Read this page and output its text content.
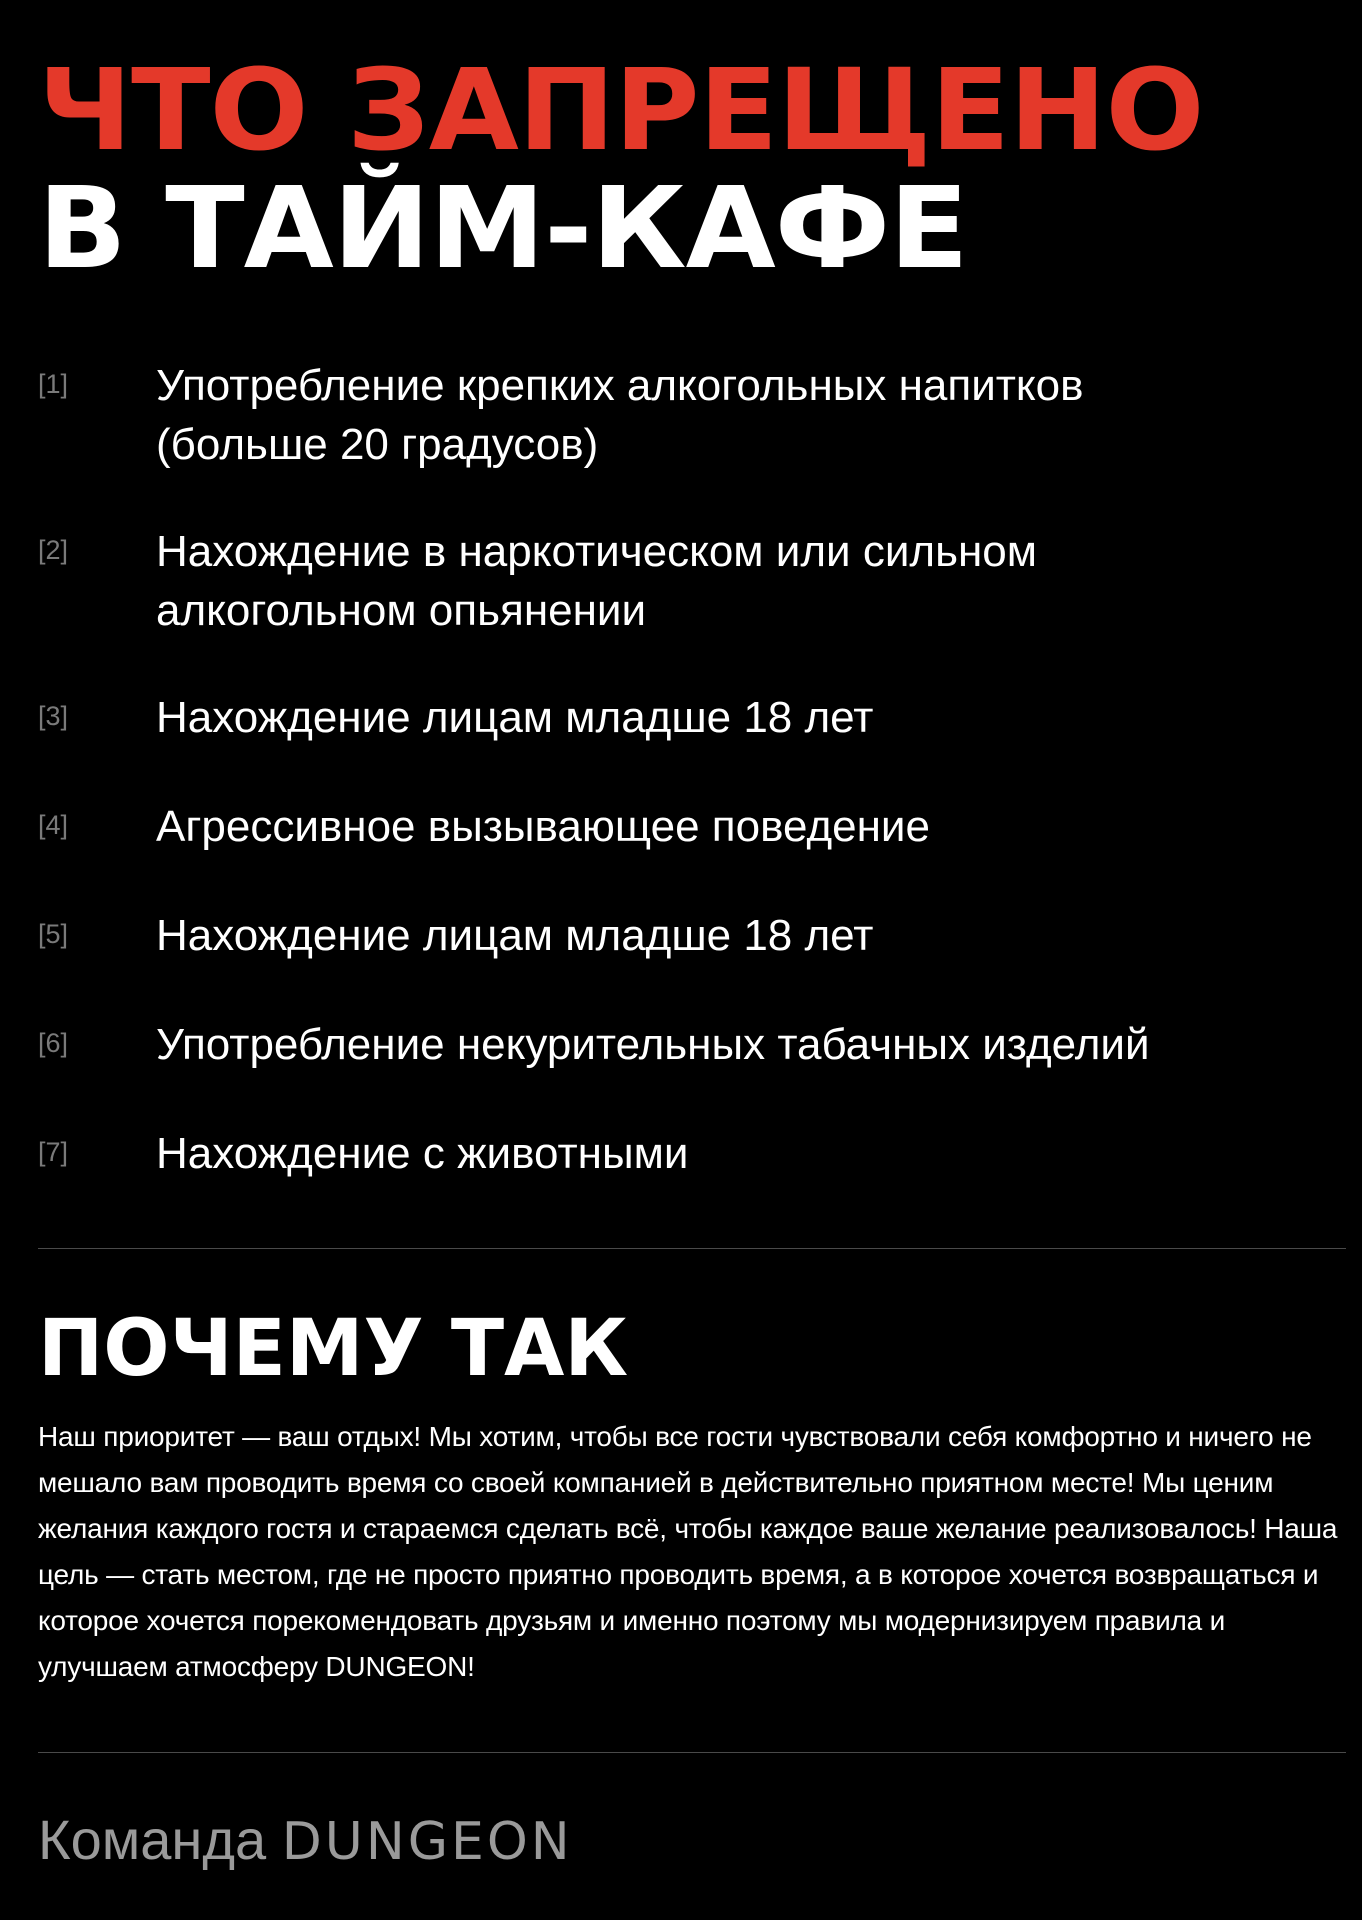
ЧТО ЗАПРЕЩЕНО
В ТАЙМ-КАФЕ
[1] Употребление крепких алкогольных напитков (больше 20 градусов)
[2] Нахождение в наркотическом или сильном алкогольном опьянении
[3] Нахождение лицам младше 18 лет
[4] Агрессивное вызывающее поведение
[5] Нахождение лицам младше 18 лет
[6] Употребление некурительных табачных изделий
[7] Нахождение с животными
ПОЧЕМУ ТАК

Наш приоритет — ваш отдых! Мы хотим, чтобы все гости чувствовали себя комфортно и ничего не мешало вам проводить время со своей компанией в действительно приятном месте! Мы ценим желания каждого гостя и стараемся сделать всё, чтобы каждое ваше желание реализовалось! Наша цель — стать местом, где не просто приятно проводить время, а в которое хочется возвращаться и которое хочется порекомендовать друзьям и именно поэтому мы модернизируем правила и улучшаем атмосферу DUNGEON!

Команда DUNGEON
